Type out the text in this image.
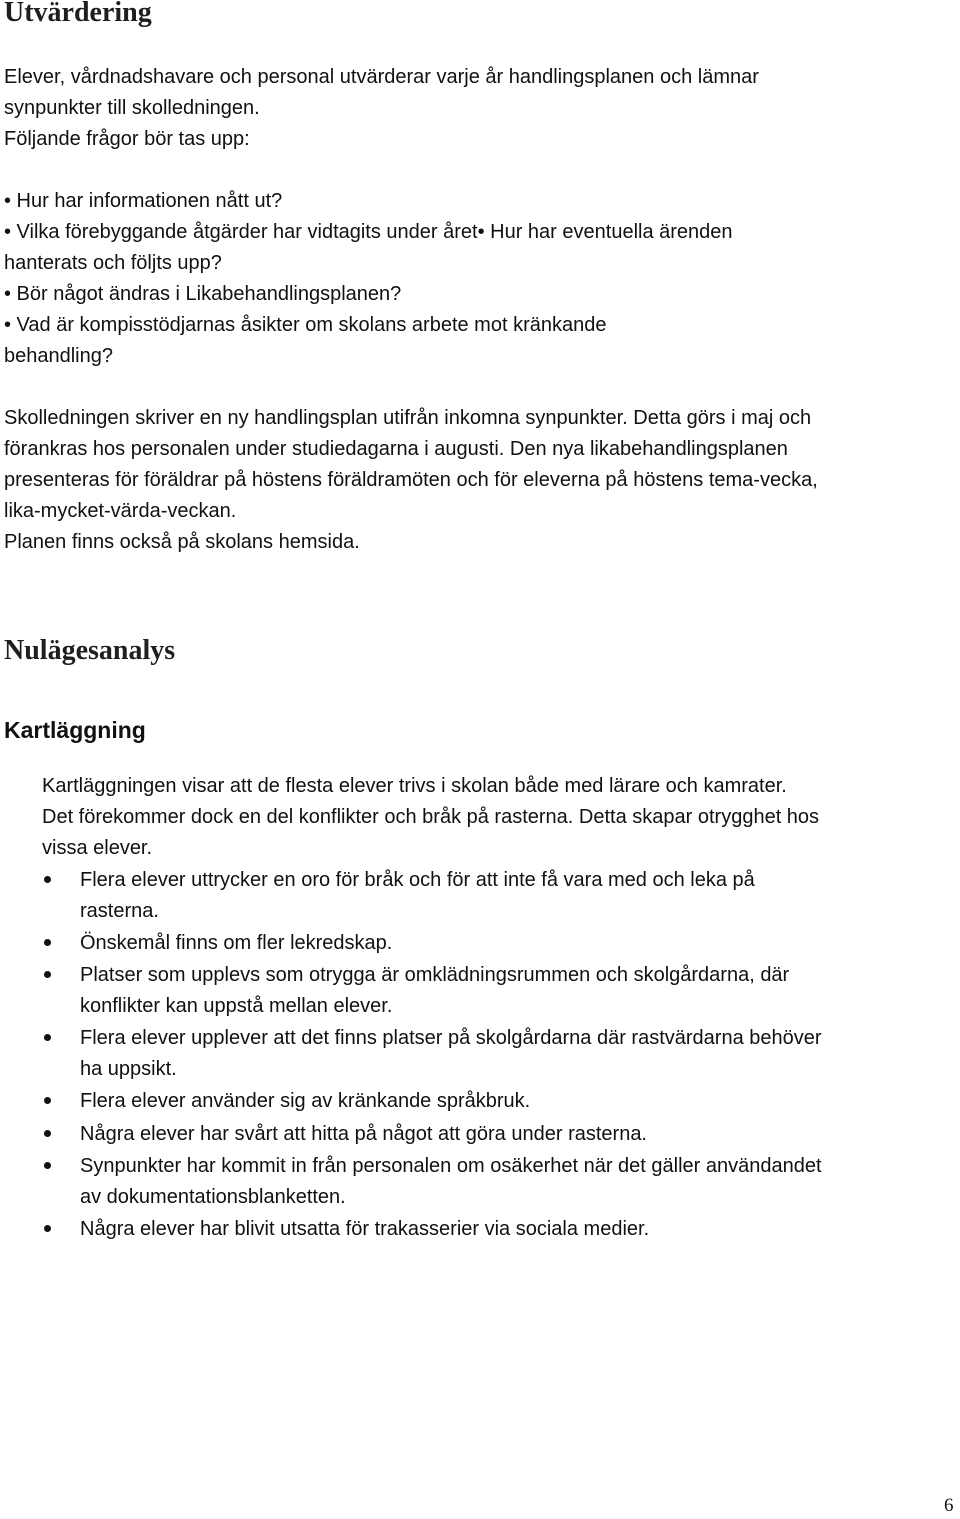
Utvärdering

Elever, vårdnadshavare och personal utvärderar varje år handlingsplanen och lämnar

synpunkter till skolledningen.

Följande frågor bör tas upp:

• Hur har informationen nått ut?

• Vilka förebyggande åtgärder har vidtagits under året• Hur har eventuella ärenden

hanterats och följts upp?

• Bör något ändras i Likabehandlingsplanen?

• Vad är kompisstödjarnas åsikter om skolans arbete mot kränkande

behandling?

Skolledningen skriver en ny handlingsplan utifrån inkomna synpunkter. Detta görs i maj och

förankras hos personalen under studiedagarna i augusti. Den nya likabehandlingsplanen

presenteras för föräldrar på höstens föräldramöten och för eleverna på höstens tema-vecka,

lika-mycket-värda-veckan.

Planen finns också på skolans hemsida.

Nulägesanalys
Kartläggning

Kartläggningen visar att de flesta elever trivs i skolan både med lärare och kamrater.

Det förekommer dock en del konflikter och bråk på rasterna. Detta skapar otrygghet hos

vissa elever.

Flera elever uttrycker en oro för bråk och för att inte få vara med och leka på

rasterna.

Önskemål finns om fler lekredskap.

Platser som upplevs som otrygga är omklädningsrummen och skolgårdarna, där

konflikter kan uppstå mellan elever.

Flera elever upplever att det finns platser på skolgårdarna där rastvärdarna behöver

ha uppsikt.

Flera elever använder sig av kränkande språkbruk.

Några elever har svårt att hitta på något att göra under rasterna.

Synpunkter har kommit in från personalen om osäkerhet när det gäller användandet

av dokumentationsblanketten.

Några elever har blivit utsatta för trakasserier via sociala medier.

6
